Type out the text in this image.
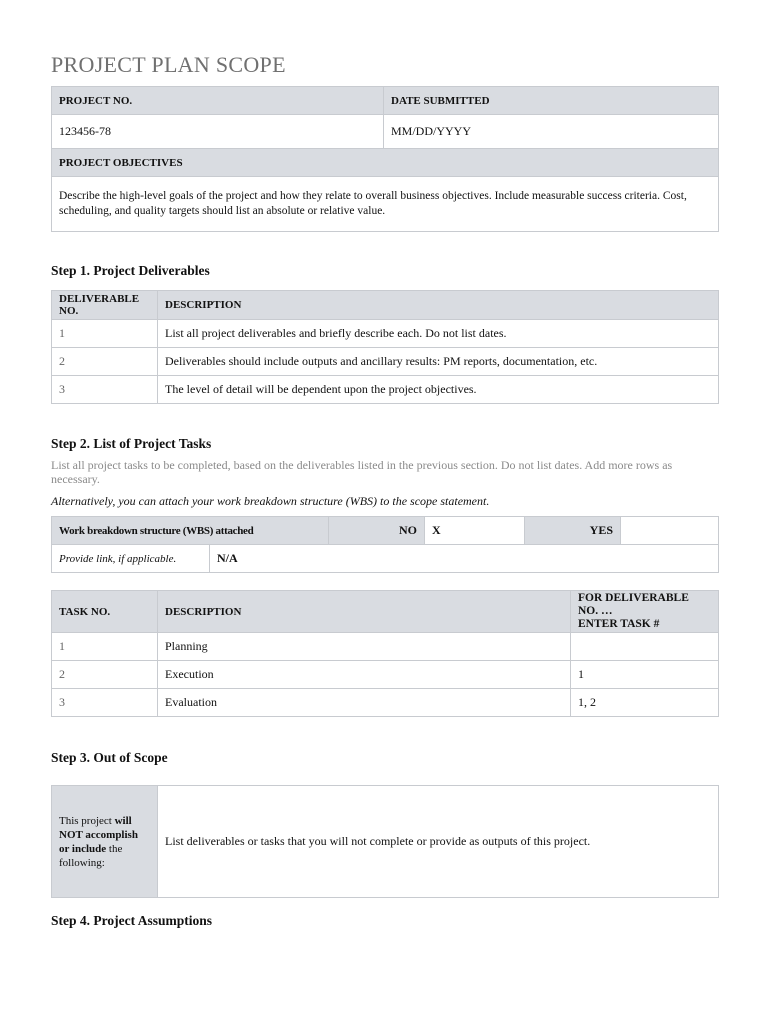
PROJECT PLAN SCOPE
PROJECT NO.	DATE SUBMITTED
123456-78	MM/DD/YYYY
PROJECT OBJECTIVES	
Describe the high-level goals of the project and how they relate to overall business objectives. Include measurable success criteria. Cost, scheduling, and quality targets should list an absolute or relative value.	
Step 1. Project Deliverables
DELIVERABLE NO.	DESCRIPTION
1	List all project deliverables and briefly describe each. Do not list dates.
2	Deliverables should include outputs and ancillary results: PM reports, documentation, etc.
3	The level of detail will be dependent upon the project objectives.
Step 2. List of Project Tasks

List all project tasks to be completed, based on the deliverables listed in the previous section. Do not list dates. Add more rows as necessary.

Alternatively, you can attach your work breakdown structure (WBS) to the scope statement.

Work breakdown structure (WBS) attached		NO	X	YES	
Provide link, if applicable.	N/A				
TASK NO.	DESCRIPTION	FOR DELIVERABLE NO. …
ENTER TASK #

1	Planning	
2	Execution	1
3	Evaluation	1, 2
Step 3. Out of Scope
This project will NOT accomplish or include the following:	List deliverables or tasks that you will not complete or provide as outputs of this project.
Step 4. Project Assumptions
